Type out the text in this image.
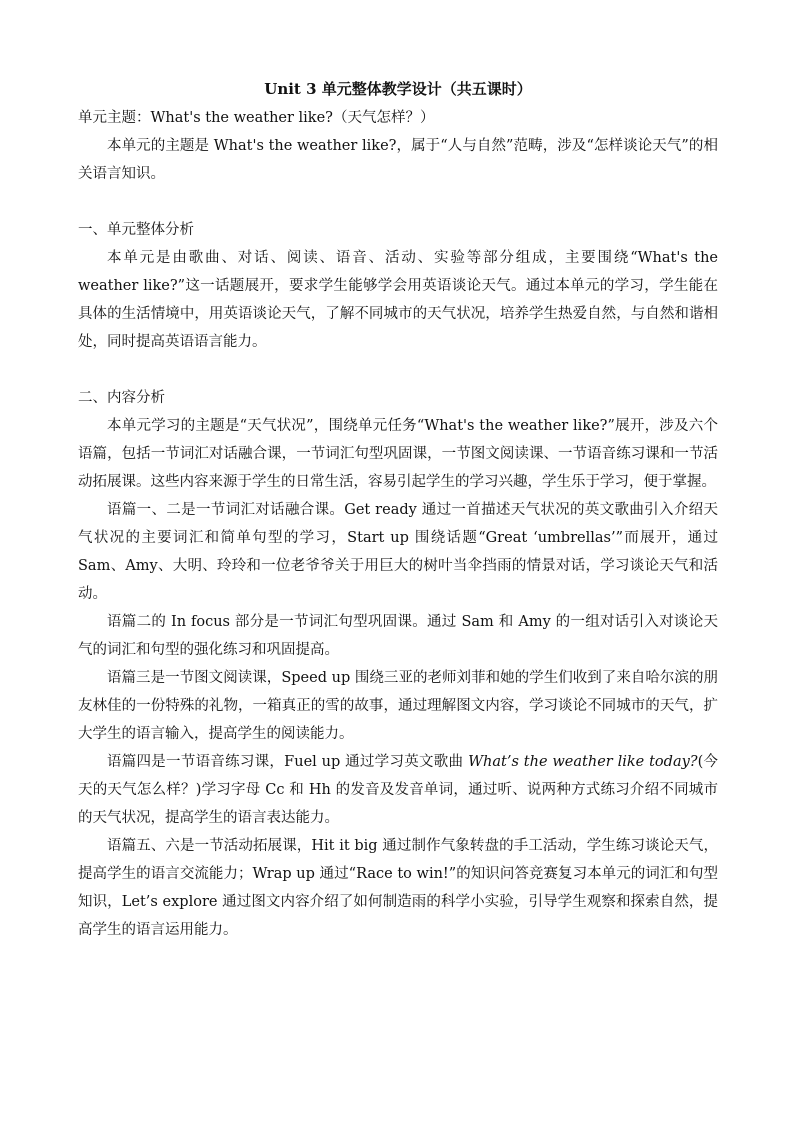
Unit 3 单元整体教学设计（共五课时）

单元主题：What's the weather like?（天气怎样？）

本单元的主题是 What's the weather like?，属于“人与自然”范畴，涉及“怎样谈论天气”的相关语言知识。

一、单元整体分析

本单元是由歌曲、对话、阅读、语音、活动、实验等部分组成，主要围绕“What's the weather like?”这一话题展开，要求学生能够学会用英语谈论天气。通过本单元的学习，学生能在具体的生活情境中，用英语谈论天气，了解不同城市的天气状况，培养学生热爱自然，与自然和谐相处，同时提高英语语言能力。

二、内容分析

本单元学习的主题是“天气状况”，围绕单元任务“What's the weather like?”展开，涉及六个语篇，包括一节词汇对话融合课，一节词汇句型巩固课，一节图文阅读课、一节语音练习课和一节活动拓展课。这些内容来源于学生的日常生活，容易引起学生的学习兴趣，学生乐于学习，便于掌握。

语篇一、二是一节词汇对话融合课。Get ready 通过一首描述天气状况的英文歌曲引入介绍天气状况的主要词汇和简单句型的学习，Start up 围绕话题“Great ‘umbrellas’”而展开，通过 Sam、Amy、大明、玲玲和一位老爷爷关于用巨大的树叶当伞挡雨的情景对话，学习谈论天气和活动。

语篇二的 In focus 部分是一节词汇句型巩固课。通过 Sam 和 Amy 的一组对话引入对谈论天气的词汇和句型的强化练习和巩固提高。

语篇三是一节图文阅读课，Speed up 围绕三亚的老师刘菲和她的学生们收到了来自哈尔滨的朋友林佳的一份特殊的礼物，一箱真正的雪的故事，通过理解图文内容，学习谈论不同城市的天气，扩大学生的语言输入，提高学生的阅读能力。

语篇四是一节语音练习课，Fuel up 通过学习英文歌曲 What’s the weather like today?(今天的天气怎么样？)学习字母 Cc 和 Hh 的发音及发音单词，通过听、说两种方式练习介绍不同城市的天气状况，提高学生的语言表达能力。

语篇五、六是一节活动拓展课，Hit it big 通过制作气象转盘的手工活动，学生练习谈论天气，提高学生的语言交流能力；Wrap up 通过“Race to win!”的知识问答竞赛复习本单元的词汇和句型知识，Let’s explore 通过图文内容介绍了如何制造雨的科学小实验，引导学生观察和探索自然，提高学生的语言运用能力。
